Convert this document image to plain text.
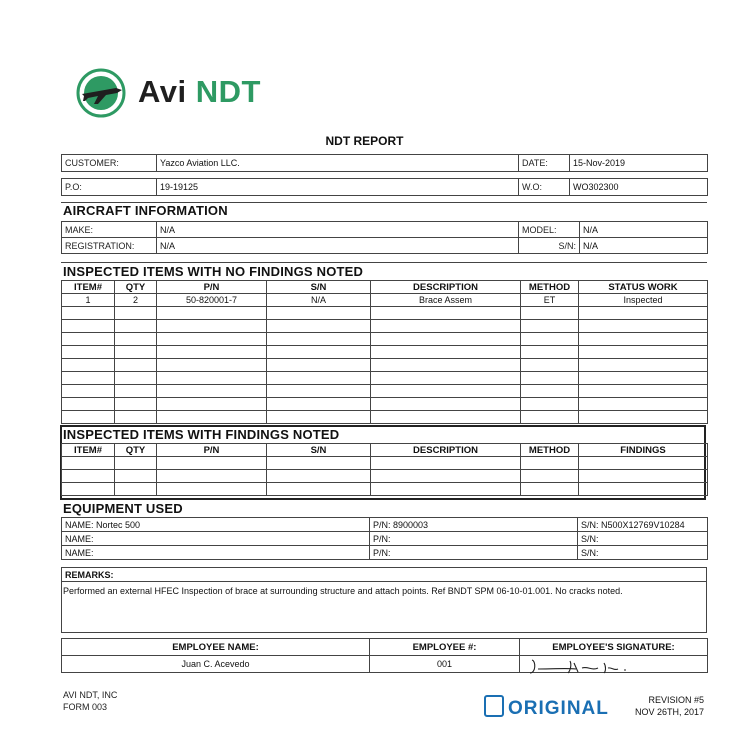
Avi NDT
NDT REPORT
CUSTOMER:	Yazco Aviation LLC.	DATE:	15-Nov-2019

P.O:	19-19125	W.O:	WO302300
AIRCRAFT INFORMATION
MAKE:	N/A	MODEL:	N/A
REGISTRATION:	N/A	S/N:	N/A
INSPECTED ITEMS WITH NO FINDINGS NOTED
ITEM#	QTY	P/N	S/N	DESCRIPTION	METHOD	STATUS WORK
1	2	50-820001-7	N/A	Brace Assem	ET	Inspected

INSPECTED ITEMS WITH FINDINGS NOTED
ITEM#	QTY	P/N	S/N	DESCRIPTION	METHOD	FINDINGS

EQUIPMENT USED
NAME: Nortec 500	P/N: 8900003	S/N: N500X12769V10284
NAME:	P/N:	S/N:
NAME:	P/N:	S/N:
REMARKS:

Performed an external HFEC Inspection of brace at surrounding structure and attach points. Ref BNDT SPM 06-10-01.001. No cracks noted.
EMPLOYEE NAME:	EMPLOYEE #:	EMPLOYEE'S SIGNATURE:
Juan C. Acevedo	001	
AVI NDT, INC
FORM 003	ORIGINAL	REVISION #5
NOV 26TH, 2017
